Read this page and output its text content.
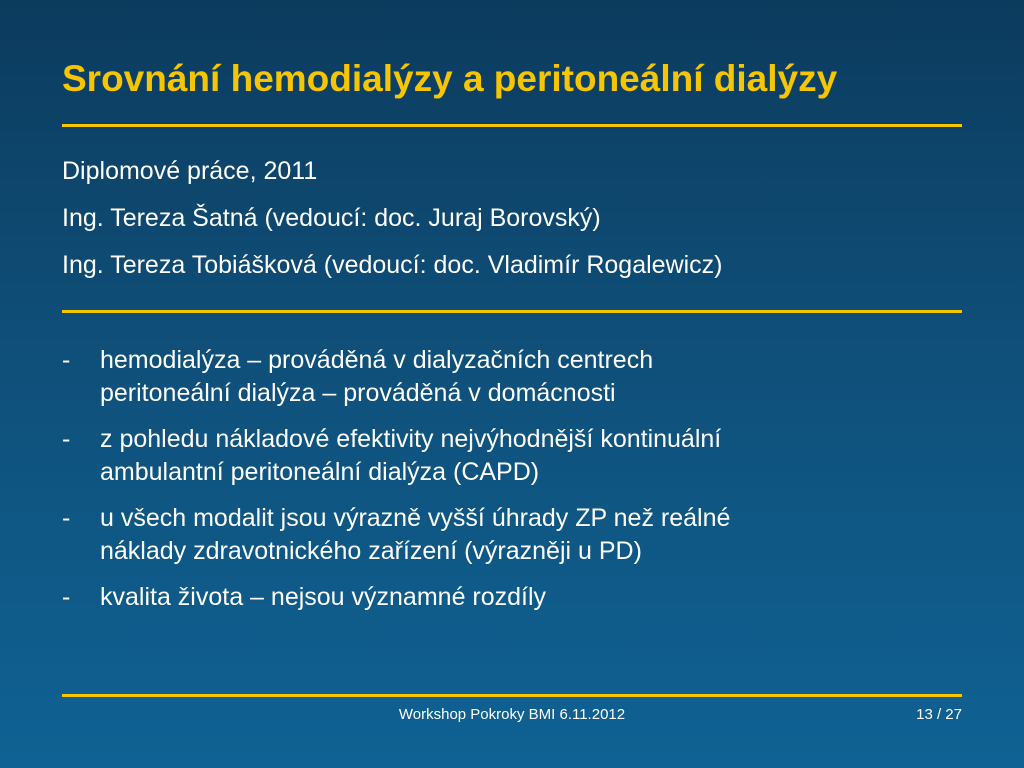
Srovnání hemodialýzy a peritoneální dialýzy
Diplomové práce, 2011
Ing. Tereza Šatná (vedoucí: doc. Juraj Borovský)
Ing. Tereza Tobiášková (vedoucí: doc. Vladimír Rogalewicz)
- hemodialýza – prováděná v dialyzačních centrech
peritoneální dialýza – prováděná v domácnosti
- z pohledu nákladové efektivity nejvýhodnější kontinuální
ambulantní peritoneální dialýza (CAPD)
- u všech modalit jsou výrazně vyšší úhrady ZP než reálné
náklady zdravotnického zařízení (výrazněji u PD)
- kvalita života – nejsou významné rozdíly
Workshop Pokroky BMI 6.11.2012	13 / 27
